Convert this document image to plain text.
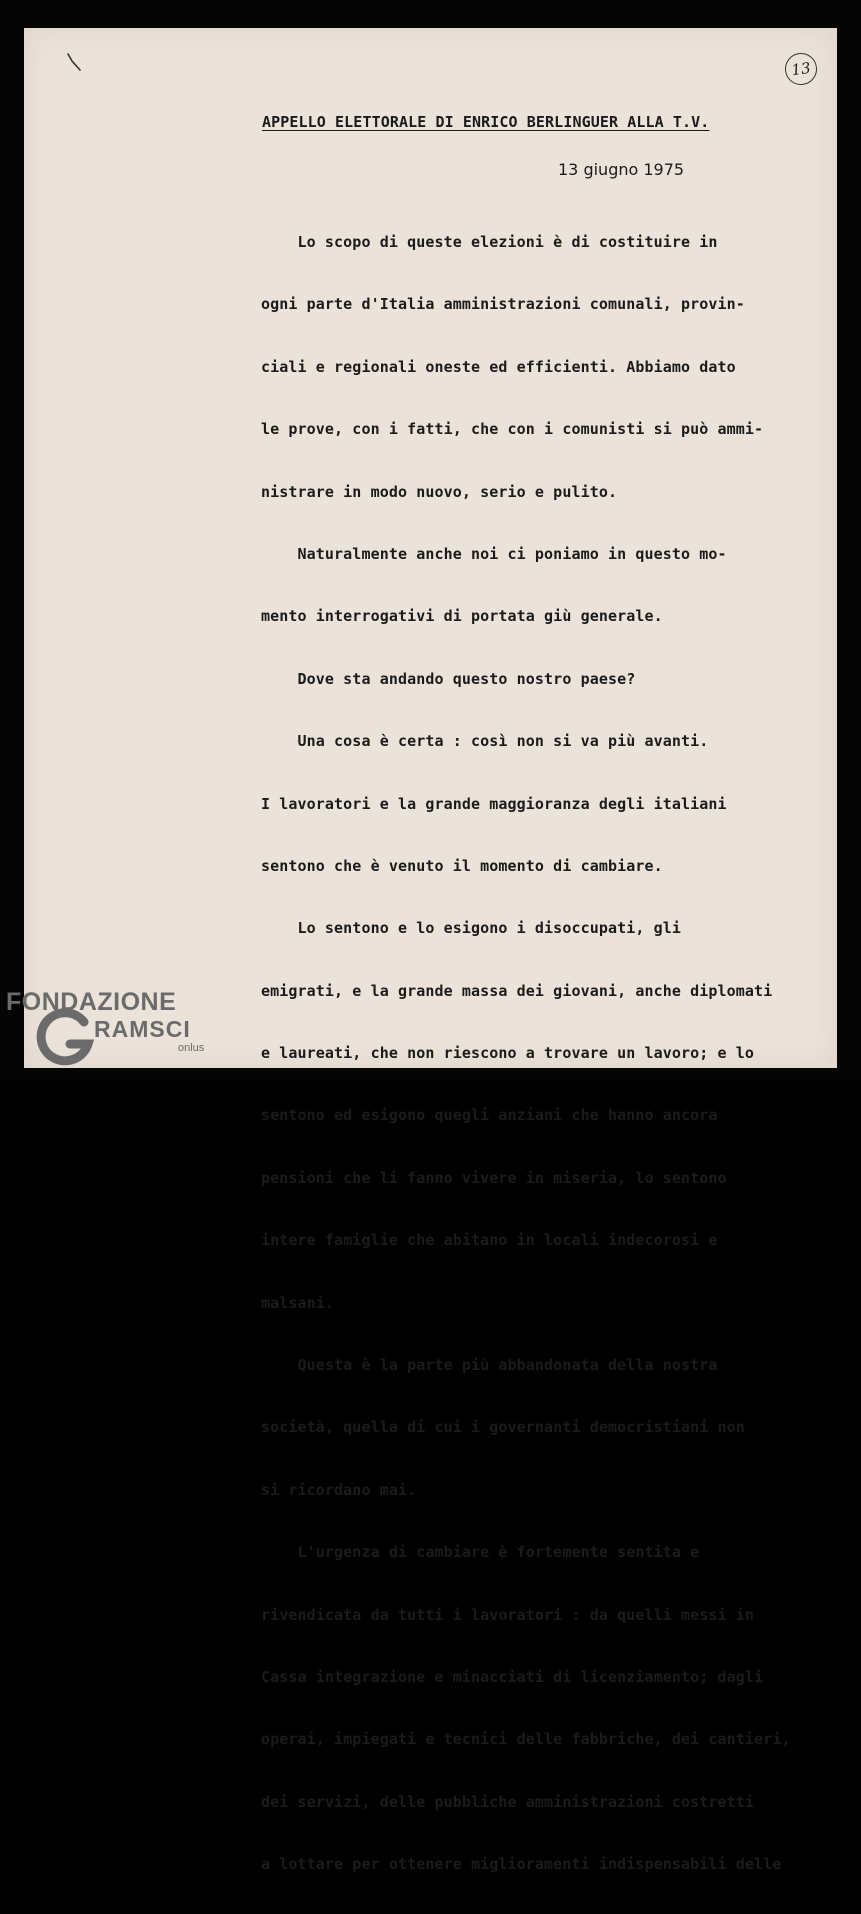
13
APPELLO ELETTORALE DI ENRICO BERLINGUER ALLA T.V.
13 giugno 1975

Lo scopo di queste elezioni è di costituire in

ogni parte d'Italia amministrazioni comunali, provin-

ciali e regionali oneste ed efficienti. Abbiamo dato

le prove, con i fatti, che con i comunisti si può ammi-

nistrare in modo nuovo, serio e pulito.

Naturalmente anche noi ci poniamo in questo mo-

mento interrogativi di portata giù generale.

Dove sta andando questo nostro paese?

Una cosa è certa : così non si va più avanti.

I lavoratori e la grande maggioranza degli italiani

sentono che è venuto il momento di cambiare.

Lo sentono e lo esigono i disoccupati, gli

emigrati, e la grande massa dei giovani, anche diplomati

e laureati, che non riescono a trovare un lavoro; e lo

sentono ed esigono quegli anziani che hanno ancora

pensioni che li fanno vivere in miseria, lo sentono

intere famiglie che abitano in locali indecorosi e

malsani.

Questa è la parte più abbandonata della nostra

società, quella di cui i governanti democristiani non

si ricordano mai.

L'urgenza di cambiare è fortemente sentita e

rivendicata da tutti i lavoratori : da quelli messi in

Cassa integrazione e minacciati di licenziamento; dagli

operai, impiegati e tecnici delle fabbriche, dei cantieri,

dei servizi, delle pubbliche amministrazioni costretti

a lottare per ottenere miglioramenti indispensabili delle

FONDAZIONE
RAMSCI
onlus
